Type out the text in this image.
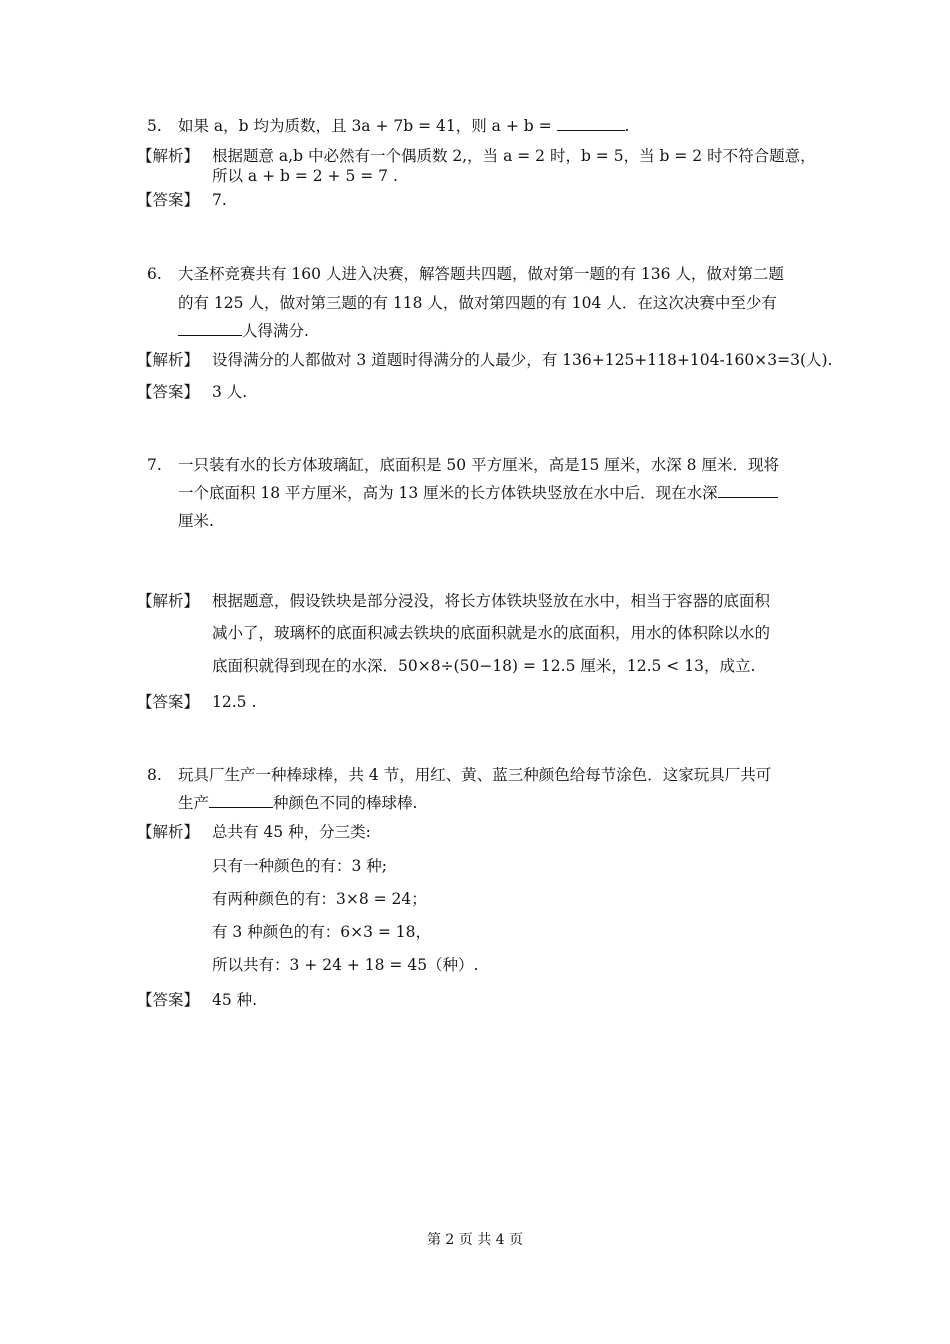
5. 如果 a，b 均为质数，且 3a + 7b = 41，则 a + b =	.
【解析】 根据题意 a,b 中必然有一个偶质数 2,，当 a = 2 时，b = 5，当 b = 2 时不符合题意，
所以 a + b = 2 + 5 = 7 .
【答案】 7.
6. 大圣杯竞赛共有 160 人进入决赛，解答题共四题，做对第一题的有 136 人，做对第二题
的有 125 人，做对第三题的有 118 人，做对第四题的有 104 人．在这次决赛中至少有
人得满分.
【解析】 设得满分的人都做对 3 道题时得满分的人最少，有 136+125+118+104-160×3=3(人).
【答案】 3 人.
7. 一只装有水的长方体玻璃缸，底面积是 50 平方厘米，高是15 厘米，水深 8 厘米．现将
一个底面积 18 平方厘米，高为 13 厘米的长方体铁块竖放在水中后．现在水深
厘米.
【解析】 根据题意，假设铁块是部分浸没，将长方体铁块竖放在水中，相当于容器的底面积
减小了，玻璃杯的底面积减去铁块的底面积就是水的底面积，用水的体积除以水的
底面积就得到现在的水深．50×8÷(50−18) = 12.5 厘米，12.5 < 13，成立.
【答案】 12.5 .
8. 玩具厂生产一种棒球棒，共 4 节，用红、黄、蓝三种颜色给每节涂色．这家玩具厂共可
生产	种颜色不同的棒球棒.
【解析】 总共有 45 种，分三类:
只有一种颜色的有：3 种;
有两种颜色的有：3×8 = 24；
有 3 种颜色的有：6×3 = 18，
所以共有：3 + 24 + 18 = 45（种）.
【答案】 45 种.
第 2 页 共 4 页
